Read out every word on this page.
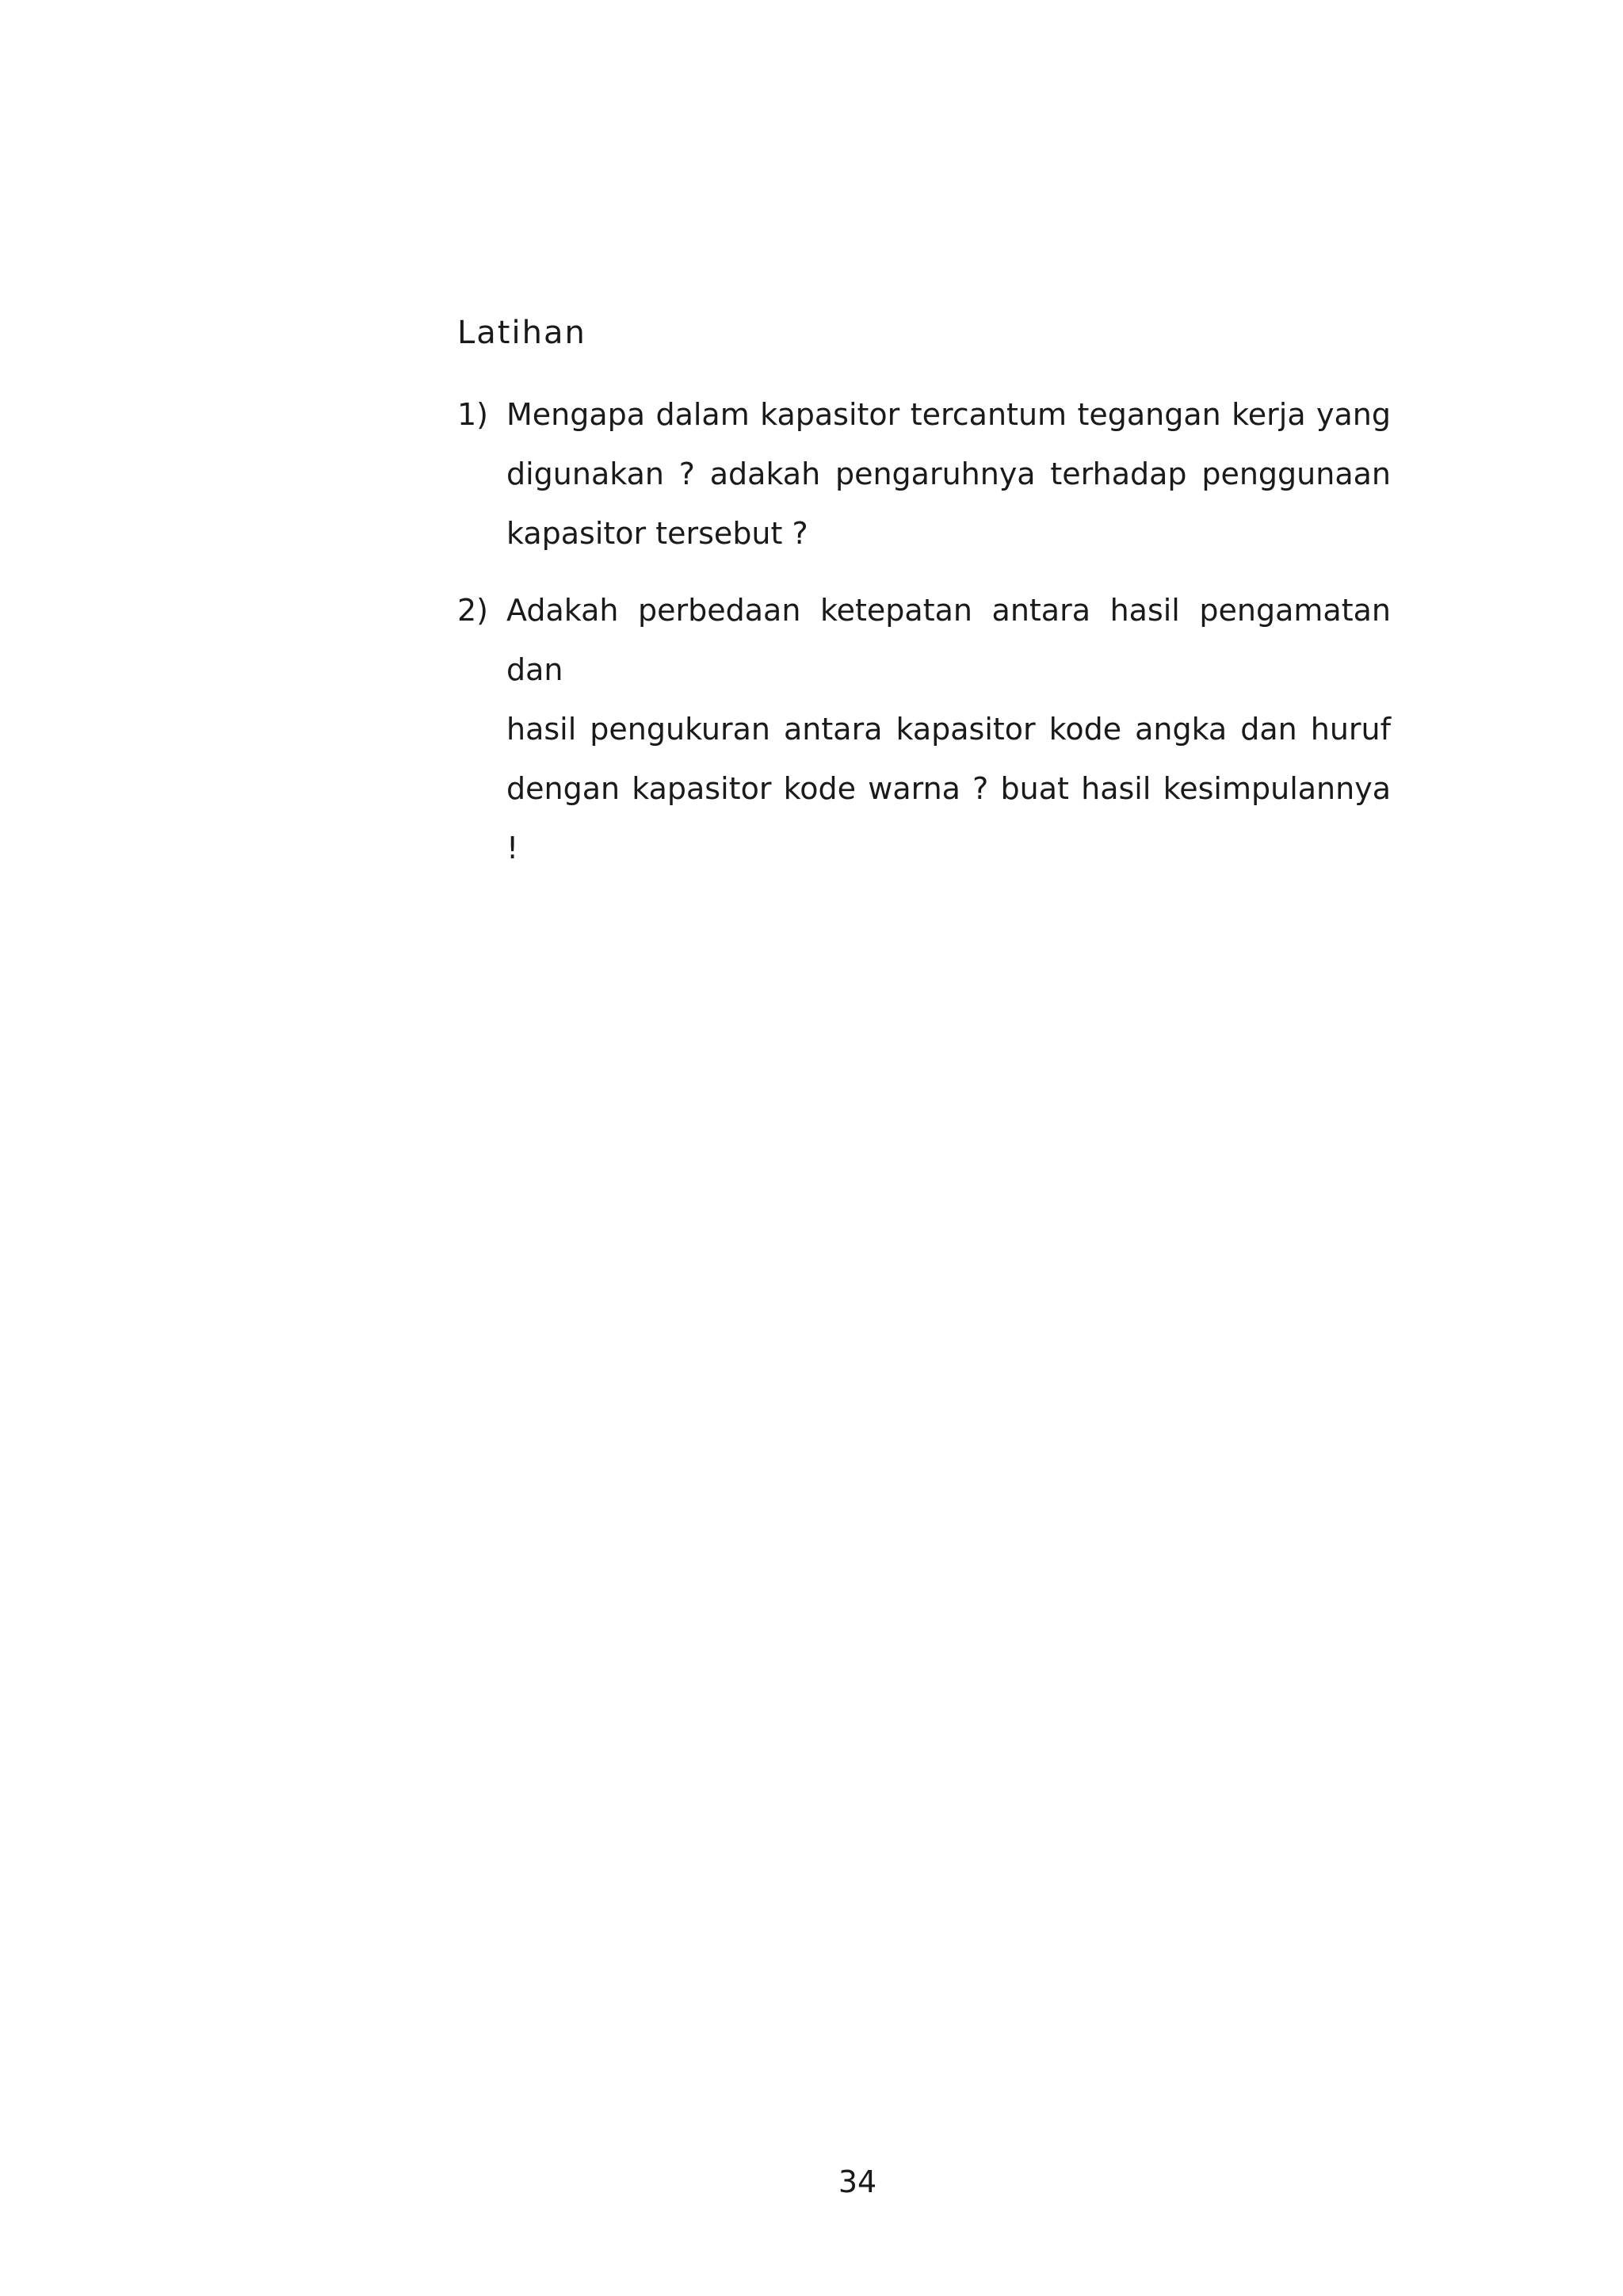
Latihan
1) Mengapa dalam kapasitor tercantum tegangan kerja yang
digunakan ? adakah pengaruhnya terhadap penggunaan
kapasitor tersebut ?
2) Adakah perbedaan ketepatan antara hasil pengamatan dan
hasil pengukuran antara kapasitor kode angka dan huruf
dengan kapasitor kode warna ? buat hasil kesimpulannya !
34
